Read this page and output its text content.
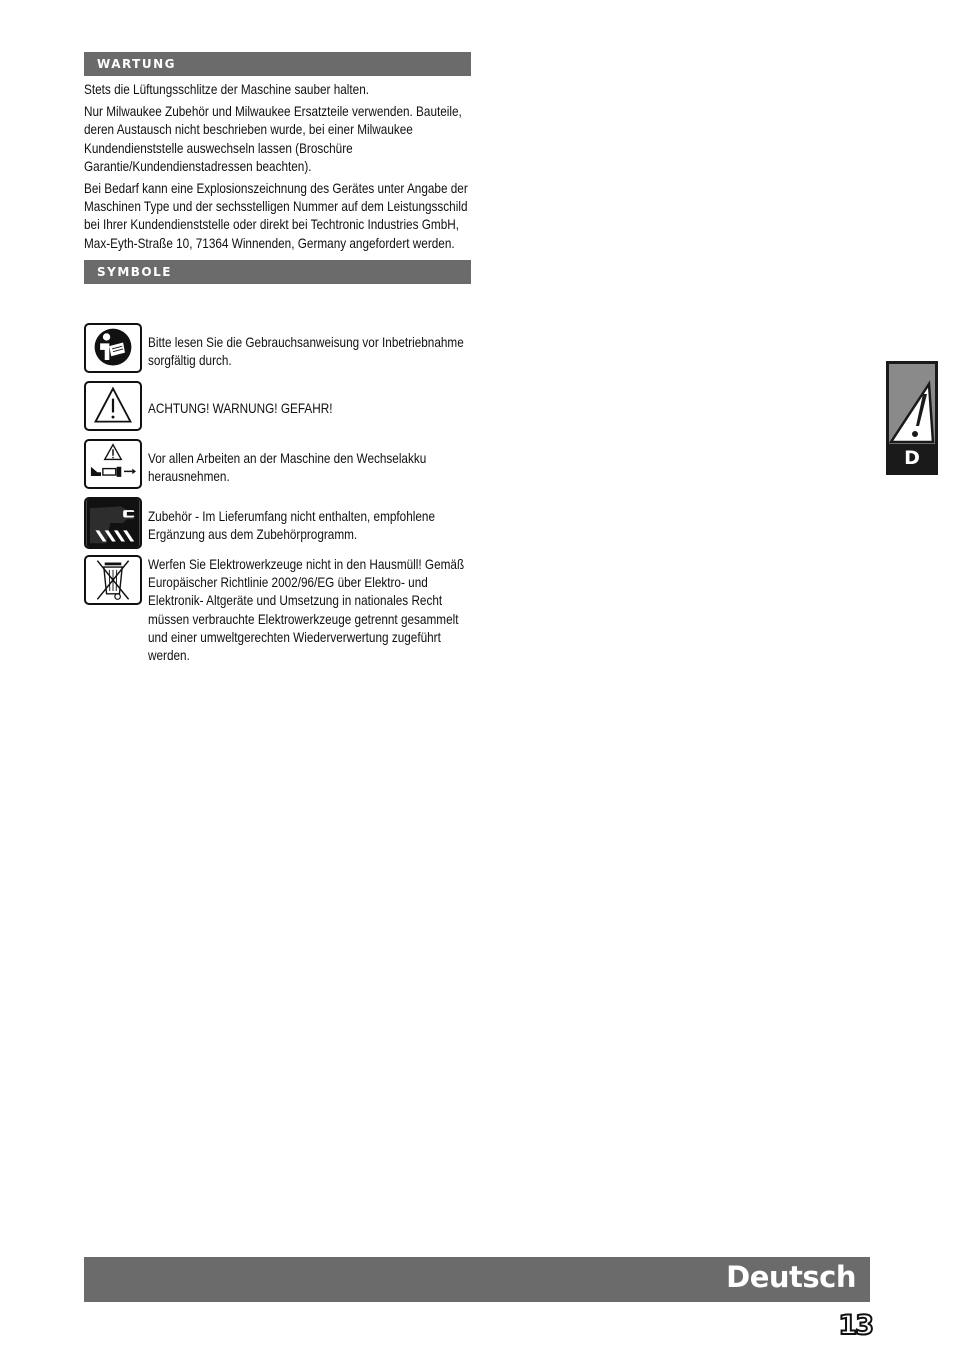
WARTUNG

Stets die Lüftungsschlitze der Maschine sauber halten.

Nur Milwaukee Zubehör und Milwaukee Ersatzteile verwenden. Bauteile, deren Austausch nicht beschrieben wurde, bei einer Milwaukee Kundendienststelle auswechseln lassen (Broschüre Garantie/Kundendienstadressen beachten).

Bei Bedarf kann eine Explosionszeichnung des Gerätes unter Angabe der Maschinen Type und der sechsstelligen Nummer auf dem Leistungsschild bei Ihrer Kundendienststelle oder direkt bei Techtronic Industries GmbH, Max-Eyth-Straße 10, 71364 Winnenden, Germany angefordert werden.

SYMBOLE
Bitte lesen Sie die Gebrauchsanweisung vor Inbetriebnahme sorgfältig durch.
ACHTUNG! WARNUNG! GEFAHR!
Vor allen Arbeiten an der Maschine den Wechselakku herausnehmen.
Zubehör - Im Lieferumfang nicht enthalten, empfohlene Ergänzung aus dem Zubehörprogramm.
Werfen Sie Elektrowerkzeuge nicht in den Hausmüll! Gemäß Europäischer Richtlinie 2002/96/EG über Elektro- und Elektronik- Altgeräte und Umsetzung in nationales Recht müssen verbrauchte Elektrowerkzeuge getrennt gesammelt und einer umweltgerechten Wiederverwertung zugeführt werden.
D
Deutsch
13
